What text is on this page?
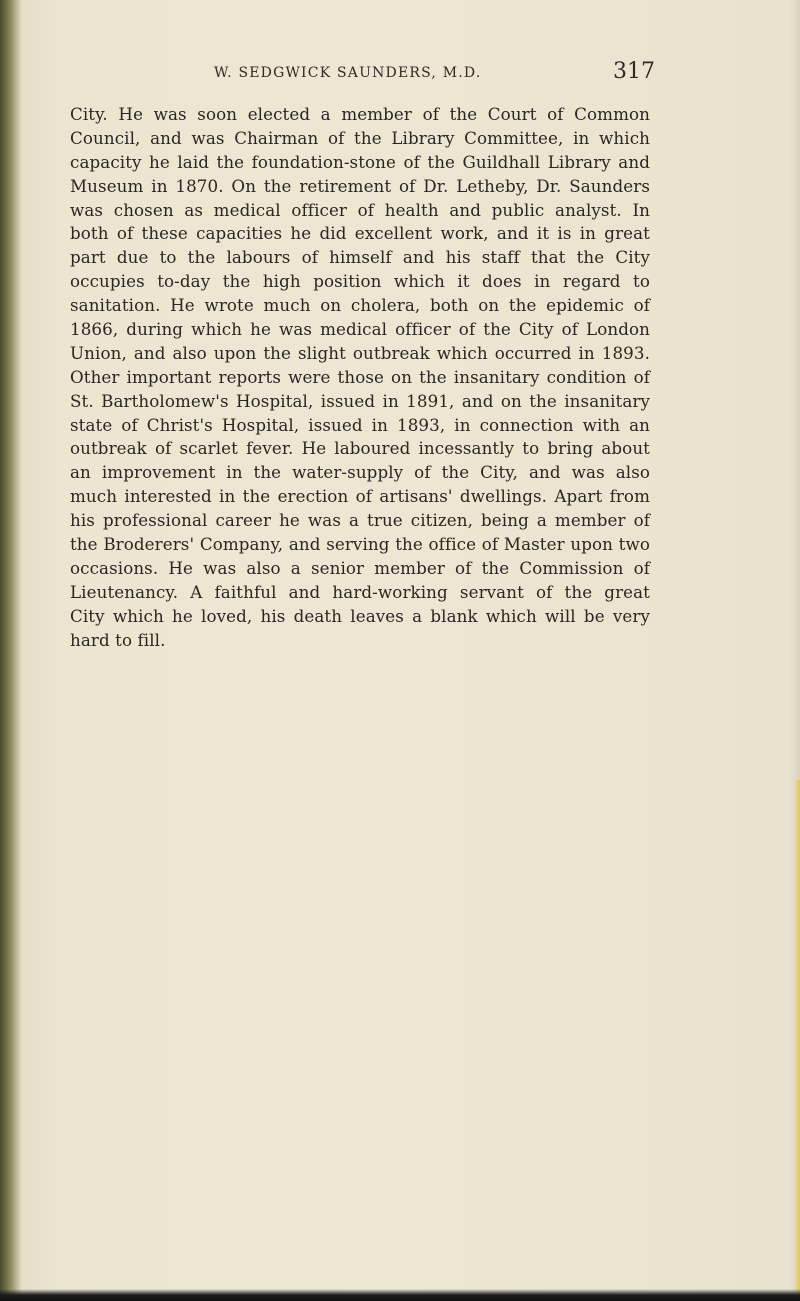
W. SEDGWICK SAUNDERS, M.D.	317

City. He was soon elected a member of the Court of Common
Council, and was Chairman of the Library Committee, in which
capacity he laid the foundation-stone of the Guildhall Library and
Museum in 1870. On the retirement of Dr. Letheby, Dr. Saunders
was chosen as medical officer of health and public analyst. In
both of these capacities he did excellent work, and it is in great
part due to the labours of himself and his staff that the City
occupies to-day the high position which it does in regard to
sanitation. He wrote much on cholera, both on the epidemic of
1866, during which he was medical officer of the City of London
Union, and also upon the slight outbreak which occurred in 1893.
Other important reports were those on the insanitary condition of
St. Bartholomew's Hospital, issued in 1891, and on the insanitary
state of Christ's Hospital, issued in 1893, in connection with an
outbreak of scarlet fever. He laboured incessantly to bring about
an improvement in the water-supply of the City, and was also
much interested in the erection of artisans' dwellings. Apart from
his professional career he was a true citizen, being a member of
the Broderers' Company, and serving the office of Master upon two
occasions. He was also a senior member of the Commission of
Lieutenancy. A faithful and hard-working servant of the great
City which he loved, his death leaves a blank which will be very
hard to fill.
